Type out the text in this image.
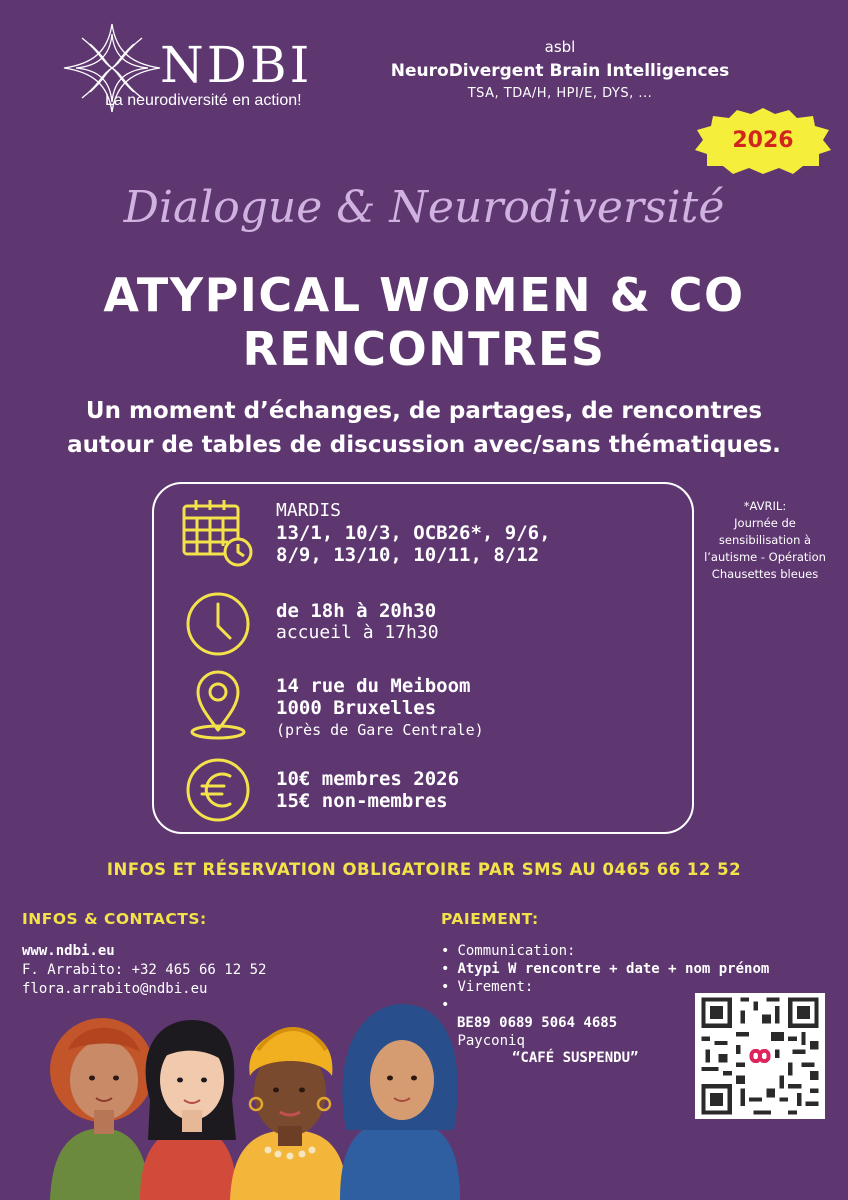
NDBI
La neurodiversité en action!
asbl
NeuroDivergent Brain Intelligences
TSA, TDA/H, HPI/E, DYS, ...
2026
Dialogue & Neurodiversité
ATYPICAL WOMEN & CO
RENCONTRES
Un moment d’échanges, de partages, de rencontres
autour de tables de discussion avec/sans thématiques.
MARDIS
13/1, 10/3, OCB26*, 9/6,
8/9, 13/10, 10/11, 8/12
de 18h à 20h30
accueil à 17h30
14 rue du Meiboom
1000 Bruxelles
(près de Gare Centrale)
10€ membres 2026
15€ non-membres
*AVRIL:
Journée de
sensibilisation à
l’autisme - Opération
Chausettes bleues
INFOS ET RÉSERVATION OBLIGATOIRE PAR SMS AU 0465 66 12 52
INFOS & CONTACTS:
www.ndbi.eu
F. Arrabito: +32 465 66 12 52
flora.arrabito@ndbi.eu
PAIEMENT:
• Communication:
• Atypi W rencontre + date + nom prénom
• Virement:
• BE89 0689 5064 4685
• Payconiq
“CAFÉ SUSPENDU”
